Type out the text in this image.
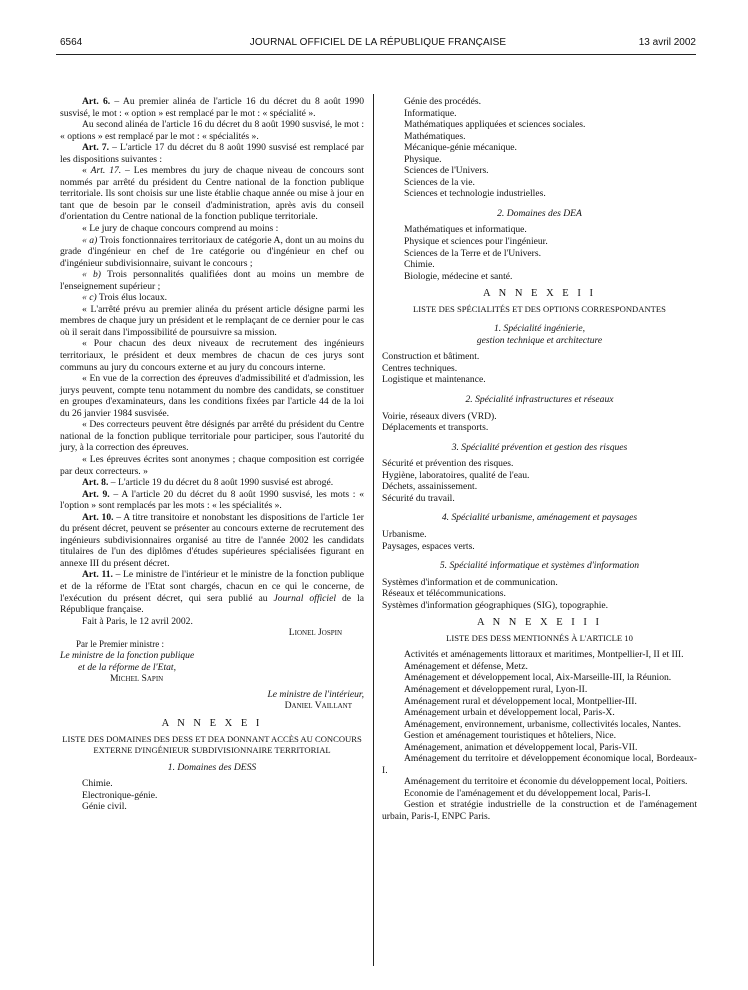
6564	JOURNAL OFFICIEL DE LA RÉPUBLIQUE FRANÇAISE	13 avril 2002

Art. 6. – Au premier alinéa de l'article 16 du décret du 8 août 1990 susvisé, le mot : « option » est remplacé par le mot : « spécialité ».

Au second alinéa de l'article 16 du décret du 8 août 1990 susvisé, le mot : « options » est remplacé par le mot : « spécialités ».

Art. 7. – L'article 17 du décret du 8 août 1990 susvisé est remplacé par les dispositions suivantes :

« Art. 17. – Les membres du jury de chaque niveau de concours sont nommés par arrêté du président du Centre national de la fonction publique territoriale. Ils sont choisis sur une liste établie chaque année ou mise à jour en tant que de besoin par le conseil d'administration, après avis du conseil d'orientation du Centre national de la fonction publique territoriale.

« Le jury de chaque concours comprend au moins :

« a) Trois fonctionnaires territoriaux de catégorie A, dont un au moins du grade d'ingénieur en chef de 1re catégorie ou d'ingénieur en chef ou d'ingénieur subdivisionnaire, suivant le concours ;

« b) Trois personnalités qualifiées dont au moins un membre de l'enseignement supérieur ;

« c) Trois élus locaux.

« L'arrêté prévu au premier alinéa du présent article désigne parmi les membres de chaque jury un président et le remplaçant de ce dernier pour le cas où il serait dans l'impossibilité de poursuivre sa mission.

« Pour chacun des deux niveaux de recrutement des ingénieurs territoriaux, le président et deux membres de chacun de ces jurys sont communs au jury du concours externe et au jury du concours interne.

« En vue de la correction des épreuves d'admissibilité et d'admission, les jurys peuvent, compte tenu notamment du nombre des candidats, se constituer en groupes d'examinateurs, dans les conditions fixées par l'article 44 de la loi du 26 janvier 1984 susvisée.

« Des correcteurs peuvent être désignés par arrêté du président du Centre national de la fonction publique territoriale pour participer, sous l'autorité du jury, à la correction des épreuves.

« Les épreuves écrites sont anonymes ; chaque composition est corrigée par deux correcteurs. »

Art. 8. – L'article 19 du décret du 8 août 1990 susvisé est abrogé.

Art. 9. – A l'article 20 du décret du 8 août 1990 susvisé, les mots : « l'option » sont remplacés par les mots : « les spécialités ».

Art. 10. – A titre transitoire et nonobstant les dispositions de l'article 1er du présent décret, peuvent se présenter au concours externe de recrutement des ingénieurs subdivisionnaires organisé au titre de l'année 2002 les candidats titulaires de l'un des diplômes d'études supérieures spécialisées figurant en annexe III du présent décret.

Art. 11. – Le ministre de l'intérieur et le ministre de la fonction publique et de la réforme de l'Etat sont chargés, chacun en ce qui le concerne, de l'exécution du présent décret, qui sera publié au Journal officiel de la République française.

Fait à Paris, le 12 avril 2002.

Lionel Jospin

Par le Premier ministre :

Le ministre de la fonction publique

et de la réforme de l'Etat,

Michel Sapin

Le ministre de l'intérieur,

Daniel Vaillant

A N N E X E I

LISTE DES DOMAINES DES DESS ET DEA DONNANT ACCÈS AU CONCOURS EXTERNE D'INGÉNIEUR SUBDIVISIONNAIRE TERRITORIAL

1. Domaines des DESS

Chimie.

Electronique-génie.

Génie civil.

Génie des procédés.

Informatique.

Mathématiques appliquées et sciences sociales.

Mathématiques.

Mécanique-génie mécanique.

Physique.

Sciences de l'Univers.

Sciences de la vie.

Sciences et technologie industrielles.

2. Domaines des DEA

Mathématiques et informatique.

Physique et sciences pour l'ingénieur.

Sciences de la Terre et de l'Univers.

Chimie.

Biologie, médecine et santé.

A N N E X E I I

LISTE DES SPÉCIALITÉS ET DES OPTIONS CORRESPONDANTES

1. Spécialité ingénierie,

gestion technique et architecture

Construction et bâtiment.

Centres techniques.

Logistique et maintenance.

2. Spécialité infrastructures et réseaux

Voirie, réseaux divers (VRD).

Déplacements et transports.

3. Spécialité prévention et gestion des risques

Sécurité et prévention des risques.

Hygiène, laboratoires, qualité de l'eau.

Déchets, assainissement.

Sécurité du travail.

4. Spécialité urbanisme, aménagement et paysages

Urbanisme.

Paysages, espaces verts.

5. Spécialité informatique et systèmes d'information

Systèmes d'information et de communication.

Réseaux et télécommunications.

Systèmes d'information géographiques (SIG), topographie.

A N N E X E I I I

LISTE DES DESS MENTIONNÉS À L'ARTICLE 10

Activités et aménagements littoraux et maritimes, Montpellier-I, II et III.

Aménagement et défense, Metz.

Aménagement et développement local, Aix-Marseille-III, la Réunion.

Aménagement et développement rural, Lyon-II.

Aménagement rural et développement local, Montpellier-III.

Aménagement urbain et développement local, Paris-X.

Aménagement, environnement, urbanisme, collectivités locales, Nantes.

Gestion et aménagement touristiques et hôteliers, Nice.

Aménagement, animation et développement local, Paris-VII.

Aménagement du territoire et développement économique local, Bordeaux-I.

Aménagement du territoire et économie du développement local, Poitiers.

Economie de l'aménagement et du développement local, Paris-I.

Gestion et stratégie industrielle de la construction et de l'aménagement urbain, Paris-I, ENPC Paris.
